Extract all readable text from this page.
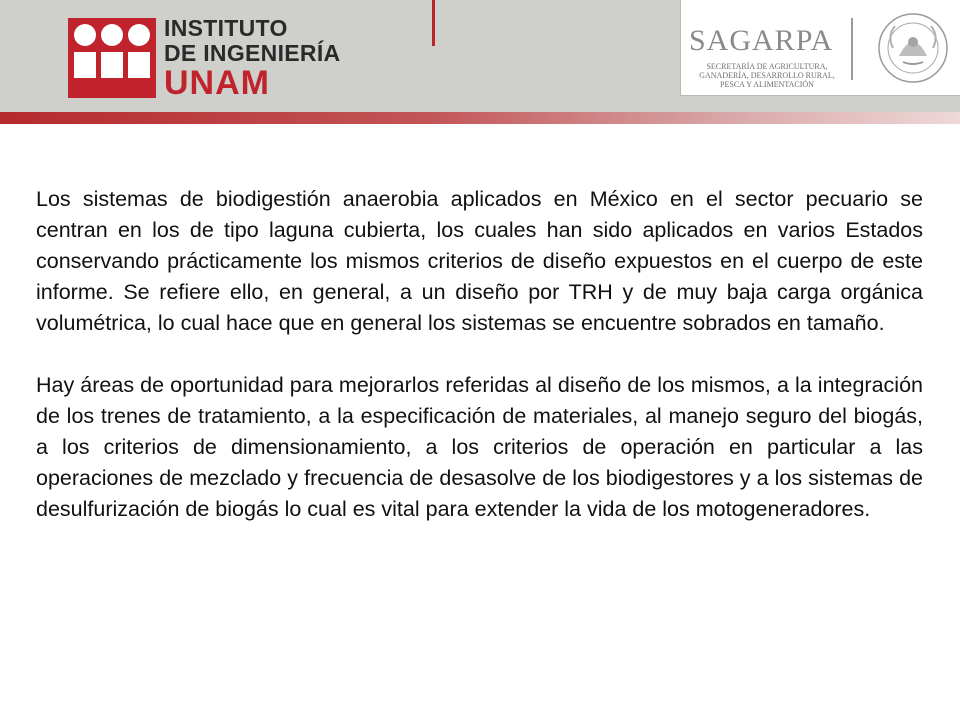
INSTITUTO
DE INGENIERÍA
UNAM
SAGARPA
SECRETARÍA DE AGRICULTURA, GANADERÍA, DESARROLLO RURAL, PESCA Y ALIMENTACIÓN

Los sistemas de biodigestión anaerobia aplicados en México en el sector pecuario se centran en los de tipo laguna cubierta, los cuales han sido aplicados en varios Estados conservando prácticamente los mismos criterios de diseño expuestos en el cuerpo de este informe. Se refiere ello, en general, a un diseño por TRH y de muy baja carga orgánica volumétrica, lo cual hace que en general los sistemas se encuentre sobrados en tamaño.

Hay áreas de oportunidad para mejorarlos referidas al diseño de los mismos, a la integración de los trenes de tratamiento, a la especificación de materiales, al manejo seguro del biogás, a los criterios de dimensionamiento, a los criterios de operación en particular a las operaciones de mezclado y frecuencia de desasolve de los biodigestores y a los sistemas de desulfurización de biogás lo cual es vital para extender la vida de los motogeneradores.
